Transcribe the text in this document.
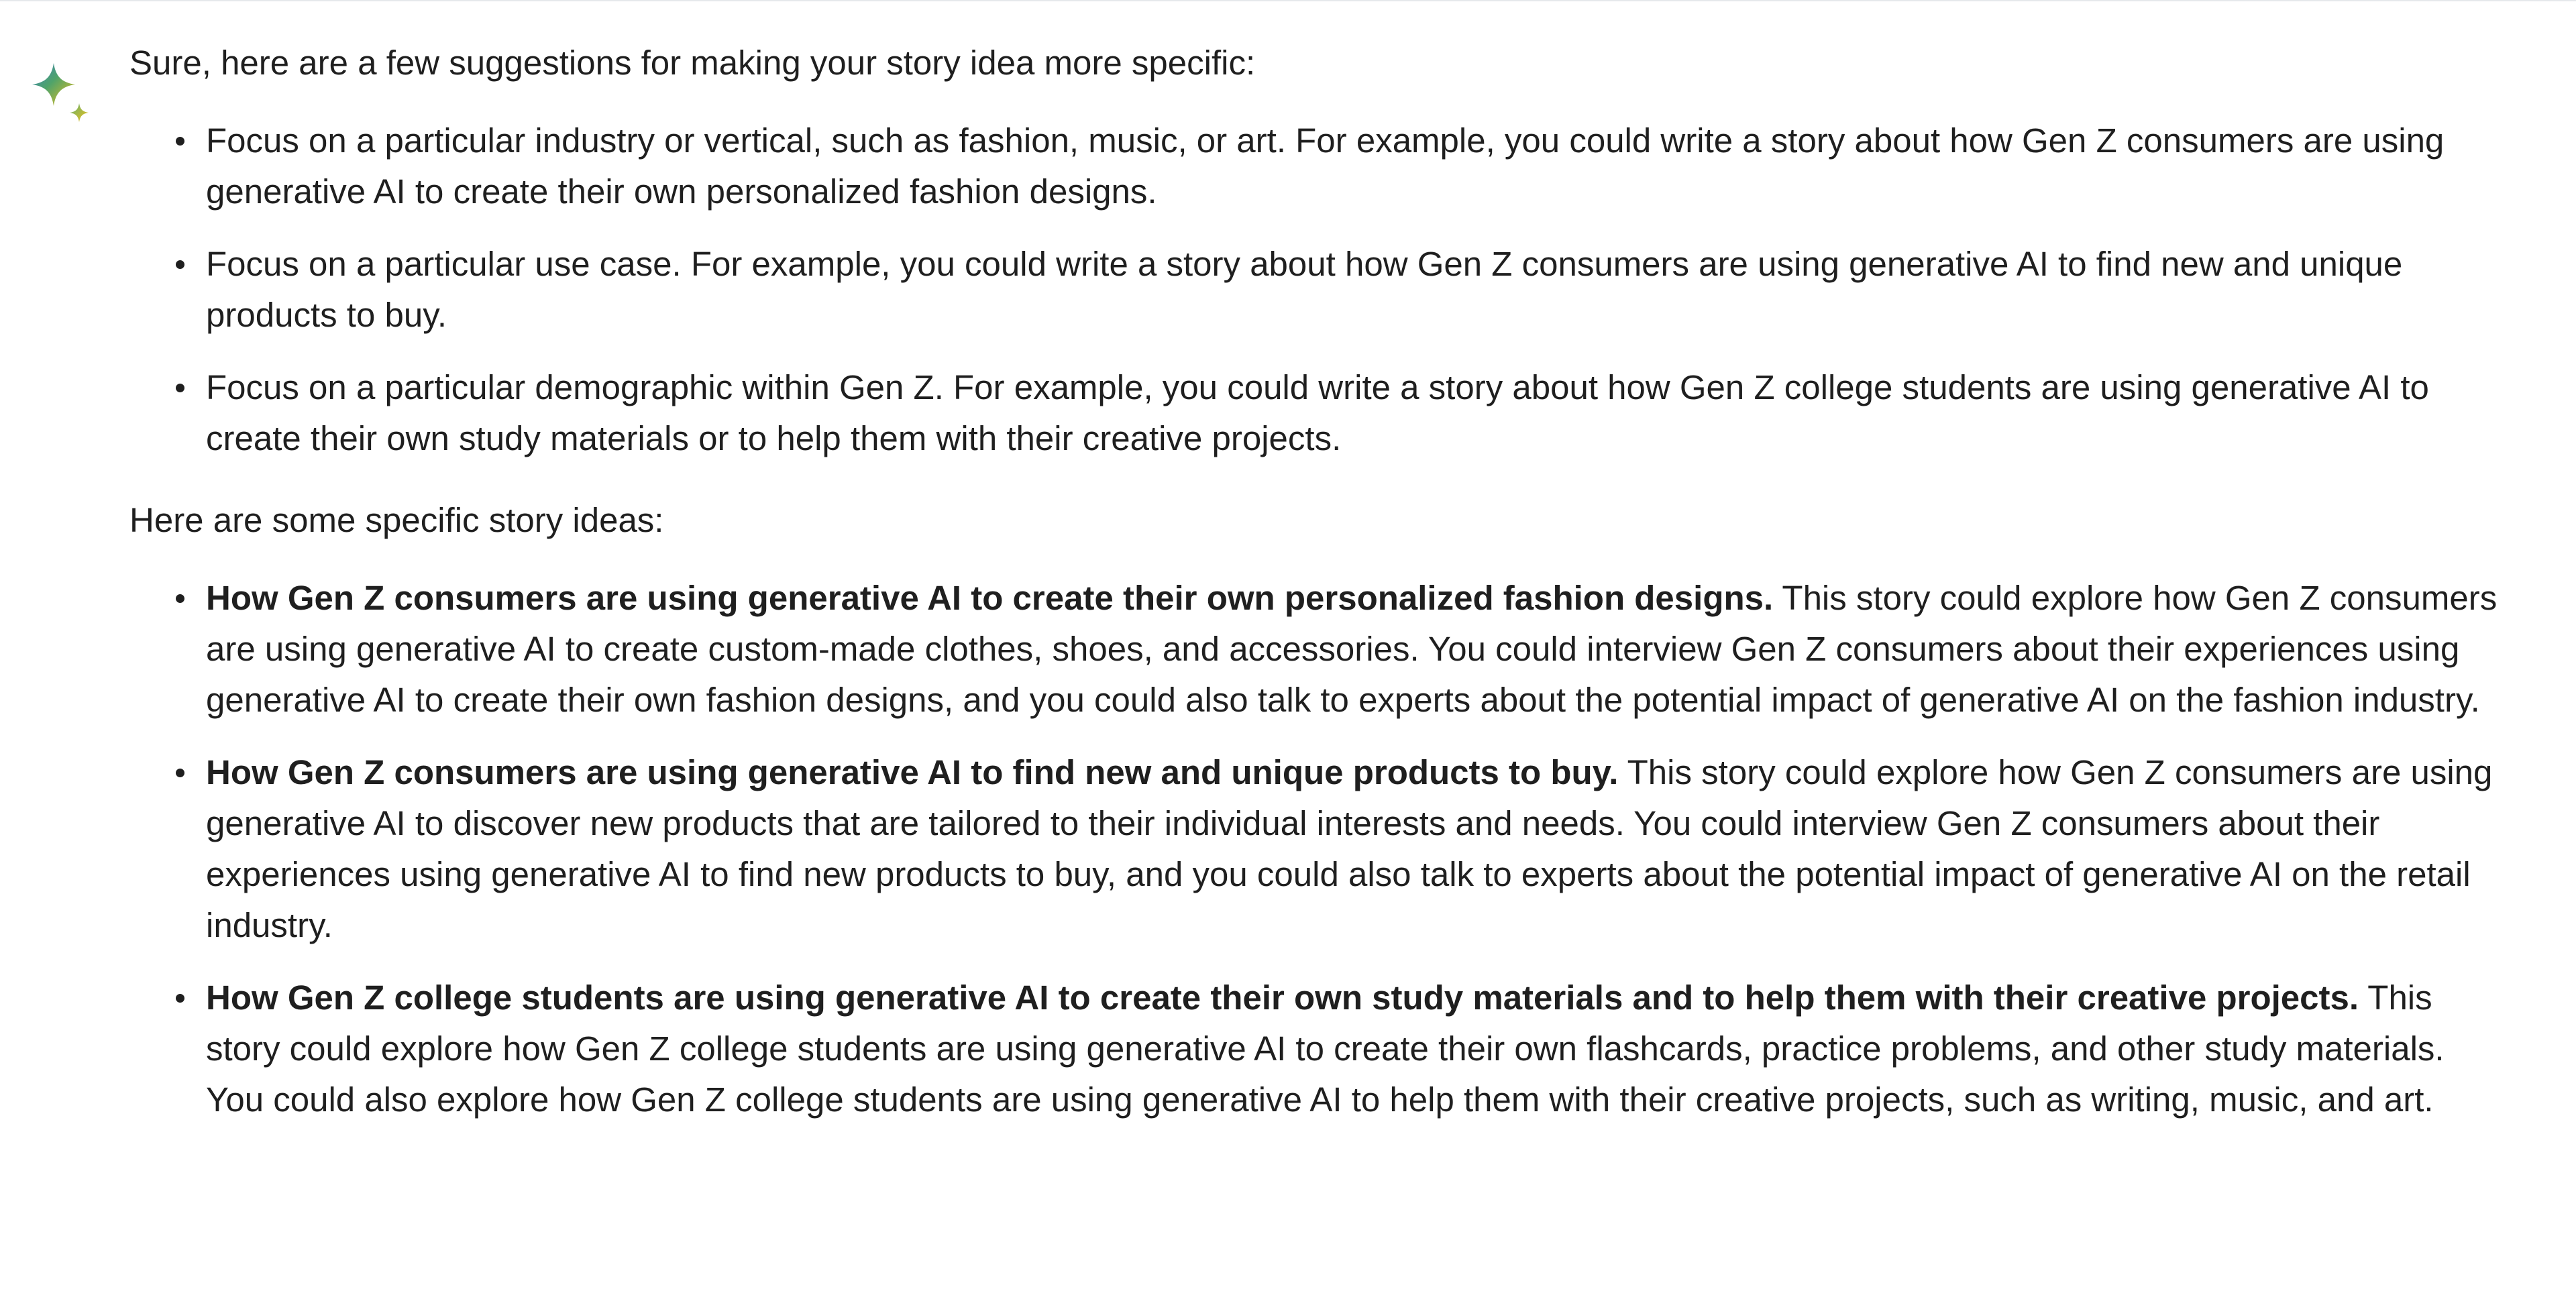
Sure, here are a few suggestions for making your story idea more specific:

Focus on a particular industry or vertical, such as fashion, music, or art. For example, you could write a story about how Gen Z consumers are using generative AI to create their own personalized fashion designs.
Focus on a particular use case. For example, you could write a story about how Gen Z consumers are using generative AI to find new and unique products to buy.
Focus on a particular demographic within Gen Z. For example, you could write a story about how Gen Z college students are using generative AI to create their own study materials or to help them with their creative projects.

Here are some specific story ideas:

How Gen Z consumers are using generative AI to create their own personalized fashion designs. This story could explore how Gen Z consumers are using generative AI to create custom-made clothes, shoes, and accessories. You could interview Gen Z consumers about their experiences using generative AI to create their own fashion designs, and you could also talk to experts about the potential impact of generative AI on the fashion industry.
How Gen Z consumers are using generative AI to find new and unique products to buy. This story could explore how Gen Z consumers are using generative AI to discover new products that are tailored to their individual interests and needs. You could interview Gen Z consumers about their experiences using generative AI to find new products to buy, and you could also talk to experts about the potential impact of generative AI on the retail industry.
How Gen Z college students are using generative AI to create their own study materials and to help them with their creative projects. This story could explore how Gen Z college students are using generative AI to create their own flashcards, practice problems, and other study materials. You could also explore how Gen Z college students are using generative AI to help them with their creative projects, such as writing, music, and art.
